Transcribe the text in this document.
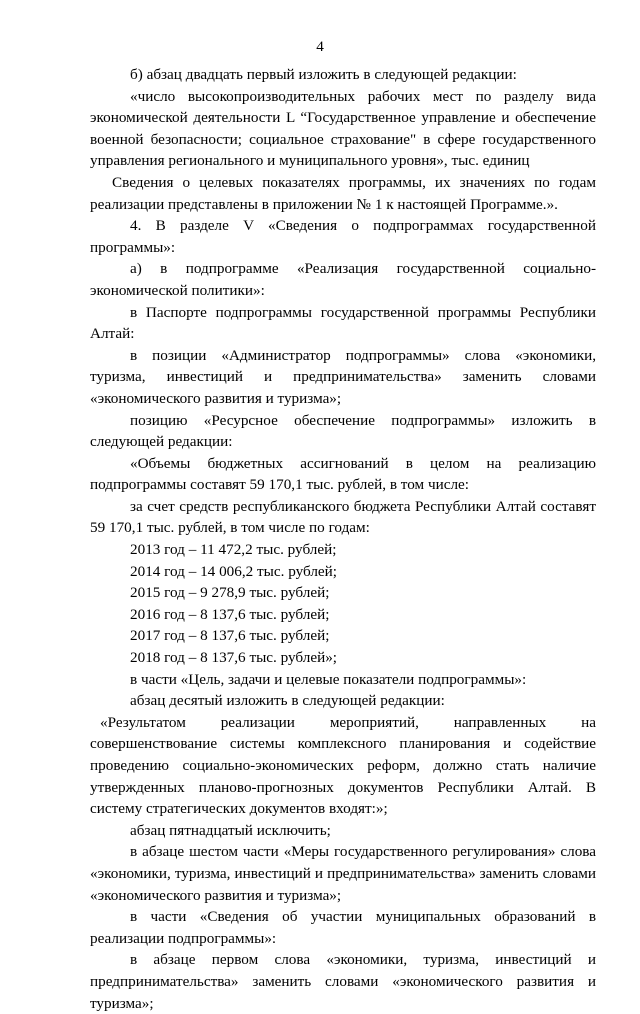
4
б) абзац двадцать первый изложить в следующей редакции:
«число высокопроизводительных рабочих мест по разделу вида
экономической деятельности L “Государственное управление и обеспечение
военной безопасности; социальное страхование" в сфере государственного
управления регионального и муниципального уровня», тыс. единиц
Сведения о целевых показателях программы, их значениях по годам
реализации представлены в приложении № 1 к настоящей Программе.».
4. В разделе V «Сведения о подпрограммах государственной
программы»:
а) в подпрограмме «Реализация государственной социально-
экономической политики»:
в Паспорте подпрограммы государственной программы Республики
Алтай:
в позиции «Администратор подпрограммы» слова «экономики,
туризма, инвестиций и предпринимательства» заменить словами
«экономического развития и туризма»;
позицию «Ресурсное обеспечение подпрограммы» изложить в
следующей редакции:
«Объемы бюджетных ассигнований в целом на реализацию
подпрограммы составят 59 170,1 тыс. рублей, в том числе:
за счет средств республиканского бюджета Республики Алтай составят
59 170,1 тыс. рублей, в том числе по годам:
2013 год – 11 472,2 тыс. рублей;
2014 год – 14 006,2 тыс. рублей;
2015 год – 9 278,9 тыс. рублей;
2016 год – 8 137,6 тыс. рублей;
2017 год – 8 137,6 тыс. рублей;
2018 год – 8 137,6 тыс. рублей»;
в части «Цель, задачи и целевые показатели подпрограммы»:
абзац десятый изложить в следующей редакции:
«Результатом реализации мероприятий, направленных на
совершенствование системы комплексного планирования и содействие
проведению социально-экономических реформ, должно стать наличие
утвержденных планово-прогнозных документов Республики Алтай. В
систему стратегических документов входят:»;
абзац пятнадцатый исключить;
в абзаце шестом части «Меры государственного регулирования» слова
«экономики, туризма, инвестиций и предпринимательства» заменить словами
«экономического развития и туризма»;
в части «Сведения об участии муниципальных образований в
реализации подпрограммы»:
в абзаце первом слова «экономики, туризма, инвестиций и
предпринимательства» заменить словами «экономического развития и
туризма»;
